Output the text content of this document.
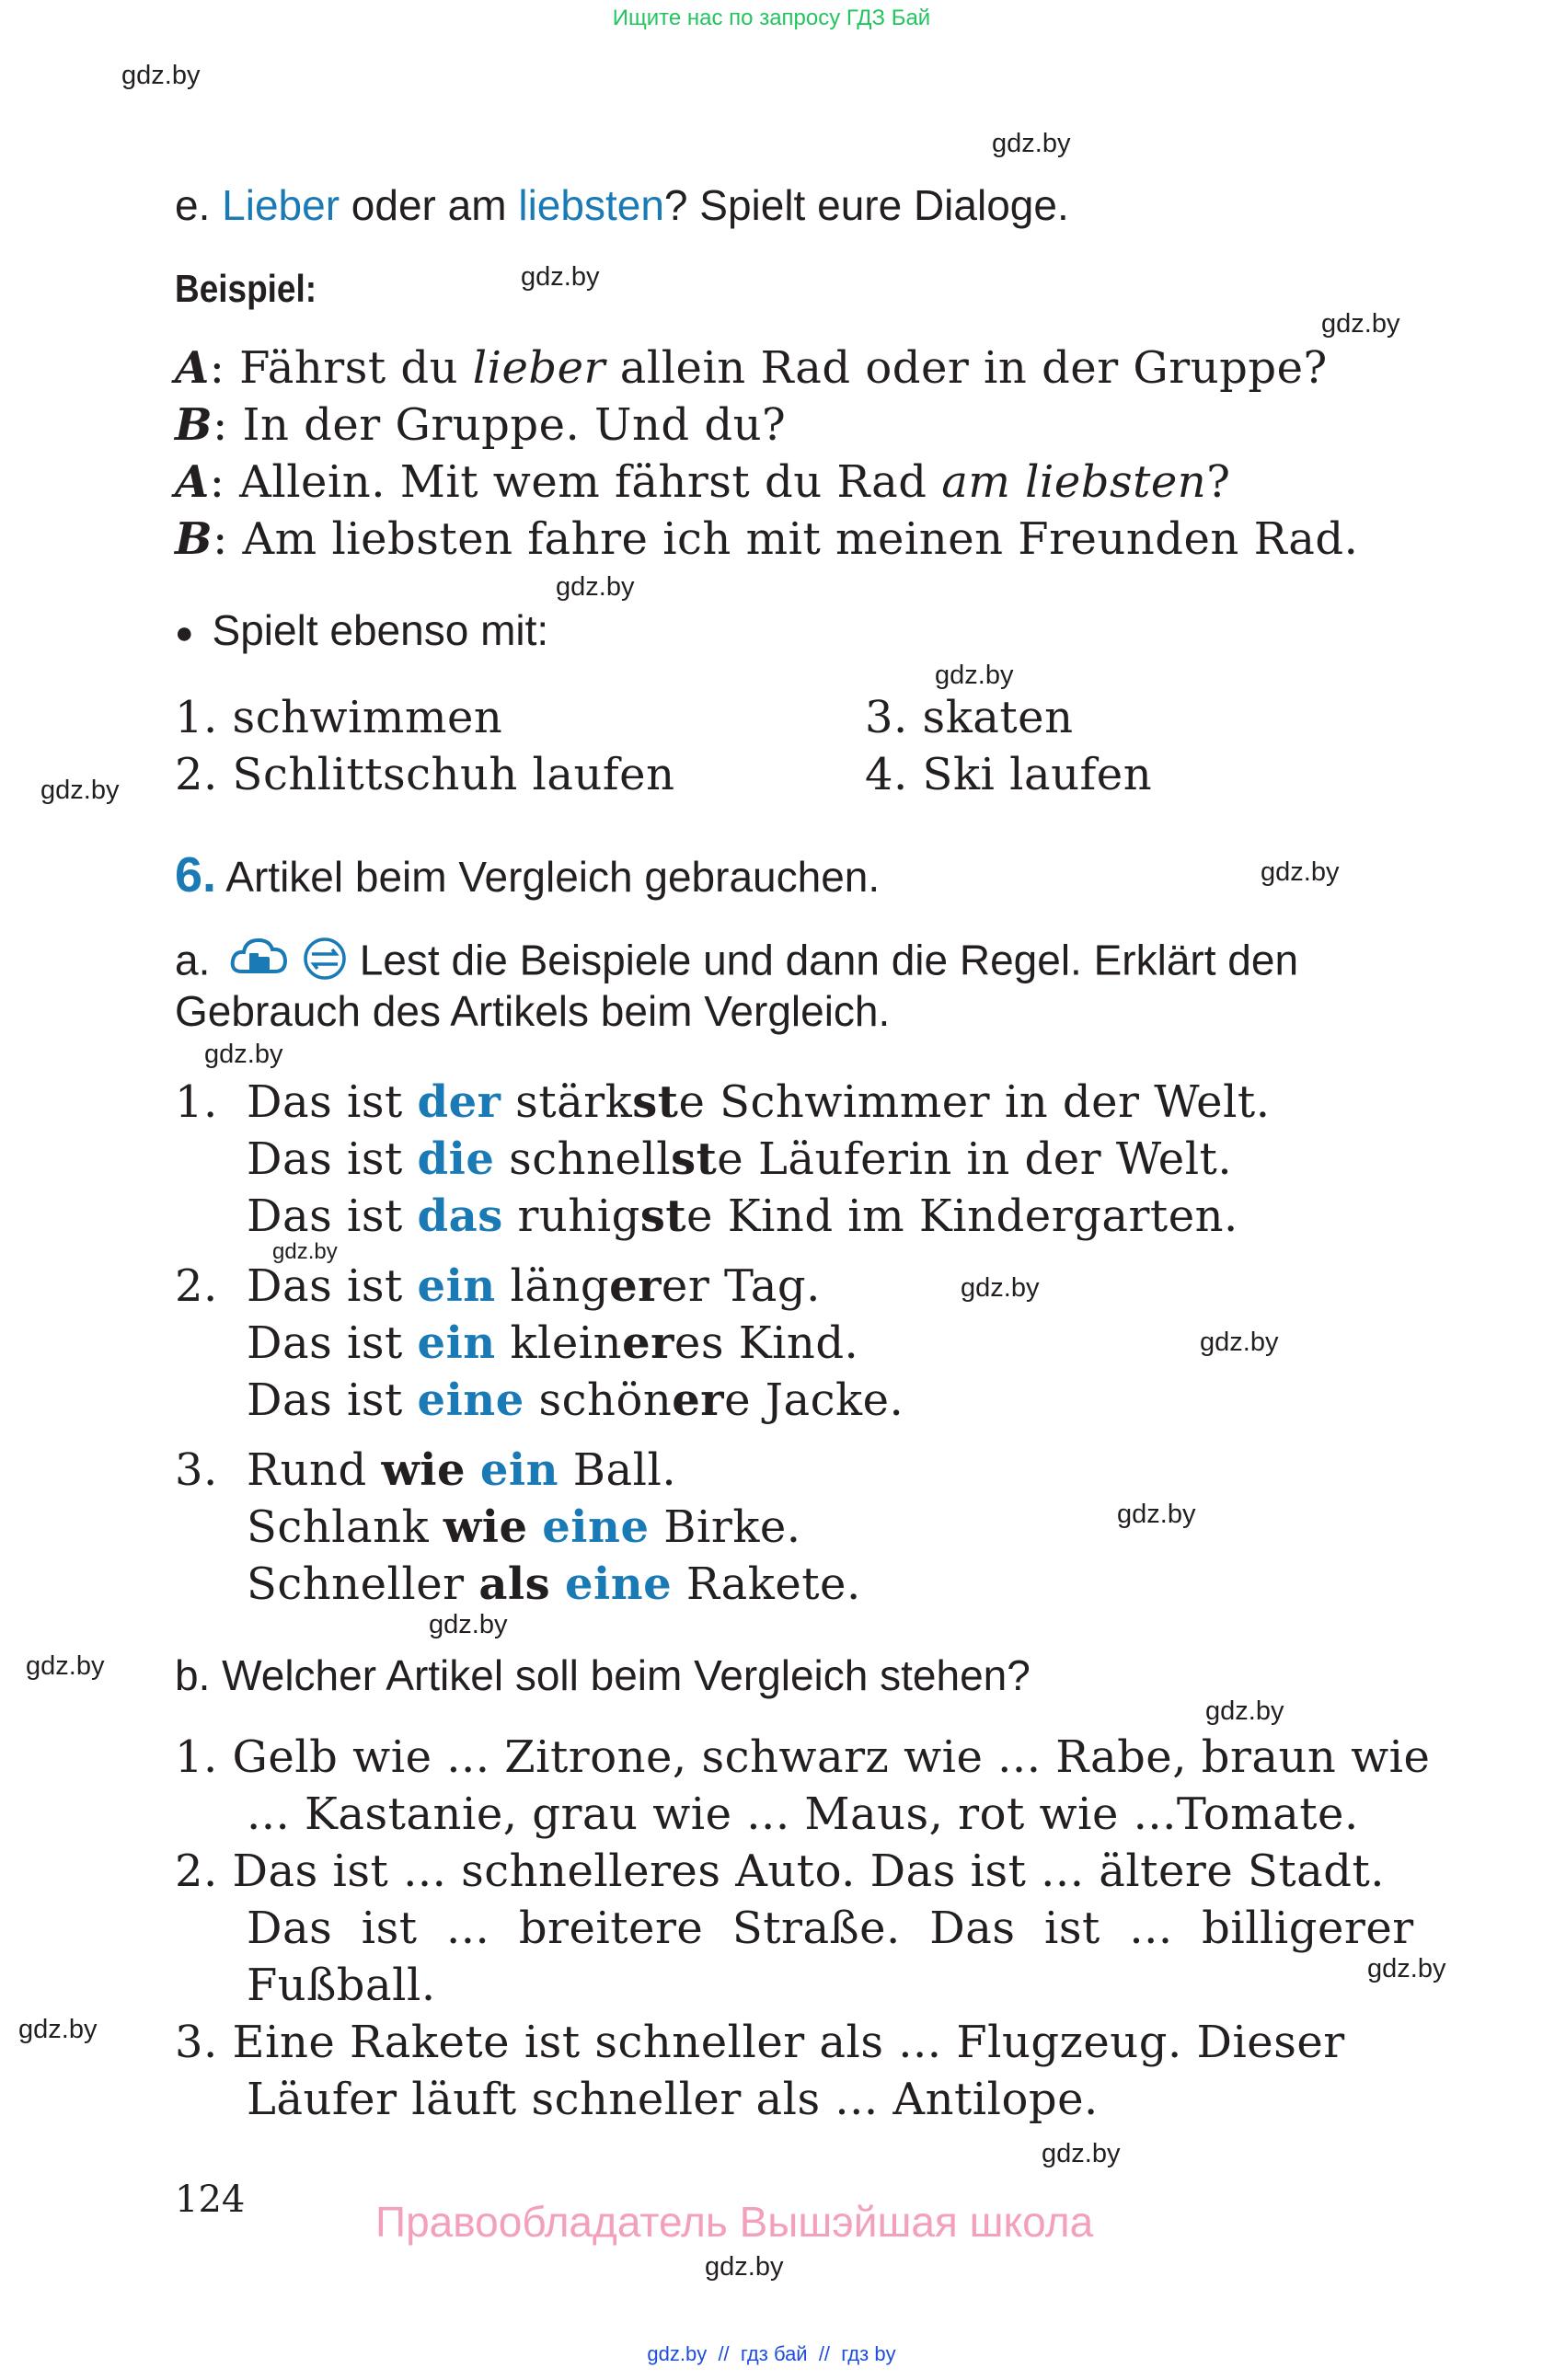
Ищите нас по запросу ГДЗ Бай
gdz.by
gdz.by
gdz.by
gdz.by
gdz.by
gdz.by
gdz.by
gdz.by
gdz.by
gdz.by
gdz.by
gdz.by
gdz.by
gdz.by
gdz.by
gdz.by
gdz.by
gdz.by
gdz.by
gdz.by
e. Lieber oder am liebsten? Spielt eure Dialoge.
Beispiel:
A: Fährst du lieber allein Rad oder in der Gruppe?
B: In der Gruppe. Und du?
A: Allein. Mit wem fährst du Rad am liebsten?
B: Am liebsten fahre ich mit meinen Freunden Rad.
● Spielt ebenso mit:
1. schwimmen
2. Schlittschuh laufen
3. skaten
4. Ski laufen
6. Artikel beim Vergleich gebrauchen.
a.	Lest die Beispiele und dann die Regel. Erklärt den
Gebrauch des Artikels beim Vergleich.
1. Das ist der stärkste Schwimmer in der Welt.
Das ist die schnellste Läuferin in der Welt.
Das ist das ruhigste Kind im Kindergarten.
2. Das ist ein längerer Tag.
Das ist ein kleineres Kind.
Das ist eine schönere Jacke.
3. Rund wie ein Ball.
Schlank wie eine Birke.
Schneller als eine Rakete.
b. Welcher Artikel soll beim Vergleich stehen?
1. Gelb wie ... Zitrone, schwarz wie ... Rabe, braun wie
... Kastanie, grau wie ... Maus, rot wie ...Tomate.
2. Das ist ... schnelleres Auto. Das ist ... ältere Stadt.
Das  ist  ...  breitere  Straße.  Das  ist  ...  billigerer
Fußball.
3. Eine Rakete ist schneller als ... Flugzeug. Dieser
Läufer läuft schneller als ... Antilope.
124	Правообладатель Вышэйшая школа
gdz.by  //  гдз бай  //  гдз by
